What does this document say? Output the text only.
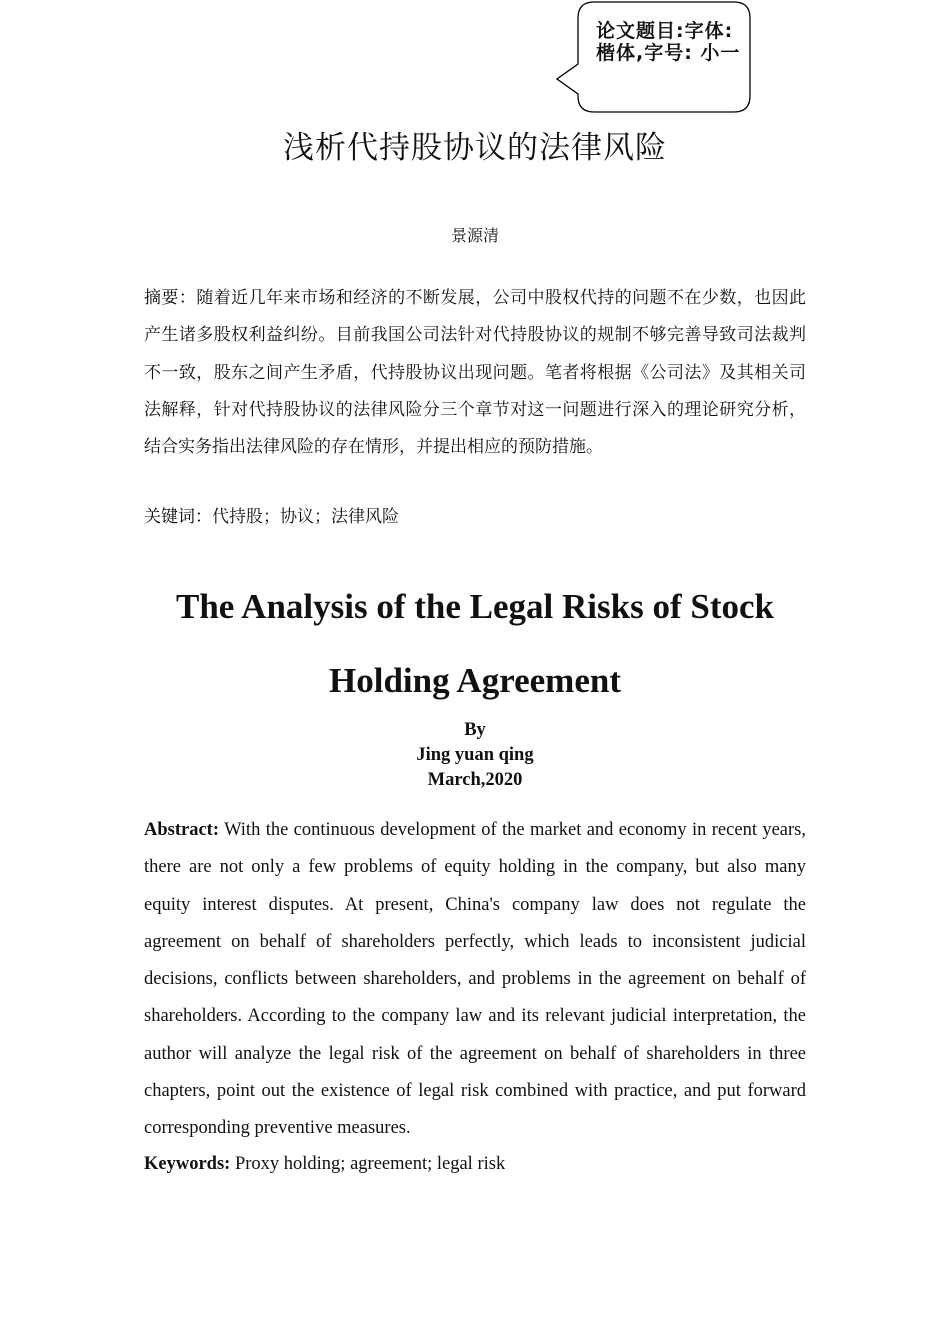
论文题目:字体:楷体,字号: 小一
浅析代持股协议的法律风险
景源清
摘要：随着近几年来市场和经济的不断发展，公司中股权代持的问题不在少数，也因此产生诸多股权利益纠纷。目前我国公司法针对代持股协议的规制不够完善导致司法裁判不一致，股东之间产生矛盾，代持股协议出现问题。笔者将根据《公司法》及其相关司法解释，针对代持股协议的法律风险分三个章节对这一问题进行深入的理论研究分析，结合实务指出法律风险的存在情形，并提出相应的预防措施。
关键词：代持股；协议；法律风险
The Analysis of the Legal Risks of Stock
Holding Agreement
By
Jing yuan qing
March,2020
Abstract: With the continuous development of the market and economy in recent years, there are not only a few problems of equity holding in the company, but also many equity interest disputes. At present, China's company law does not regulate the agreement on behalf of shareholders perfectly, which leads to inconsistent judicial decisions, conflicts between shareholders, and problems in the agreement on behalf of shareholders. According to the company law and its relevant judicial interpretation, the author will analyze the legal risk of the agreement on behalf of shareholders in three chapters, point out the existence of legal risk combined with practice, and put forward corresponding preventive measures.
Keywords: Proxy holding; agreement; legal risk
